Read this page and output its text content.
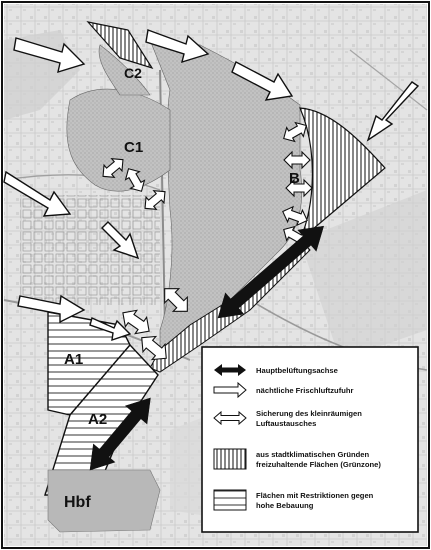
C2
C1
B
A1
A2
Hbf
Hauptbelüftungsachse
nächtliche Frischluftzufuhr
Sicherung des kleinräumigen
Luftaustausches
aus stadtklimatischen Gründen
freizuhaltende Flächen (Grünzone)
Flächen mit Restriktionen gegen
hohe Bebauung
